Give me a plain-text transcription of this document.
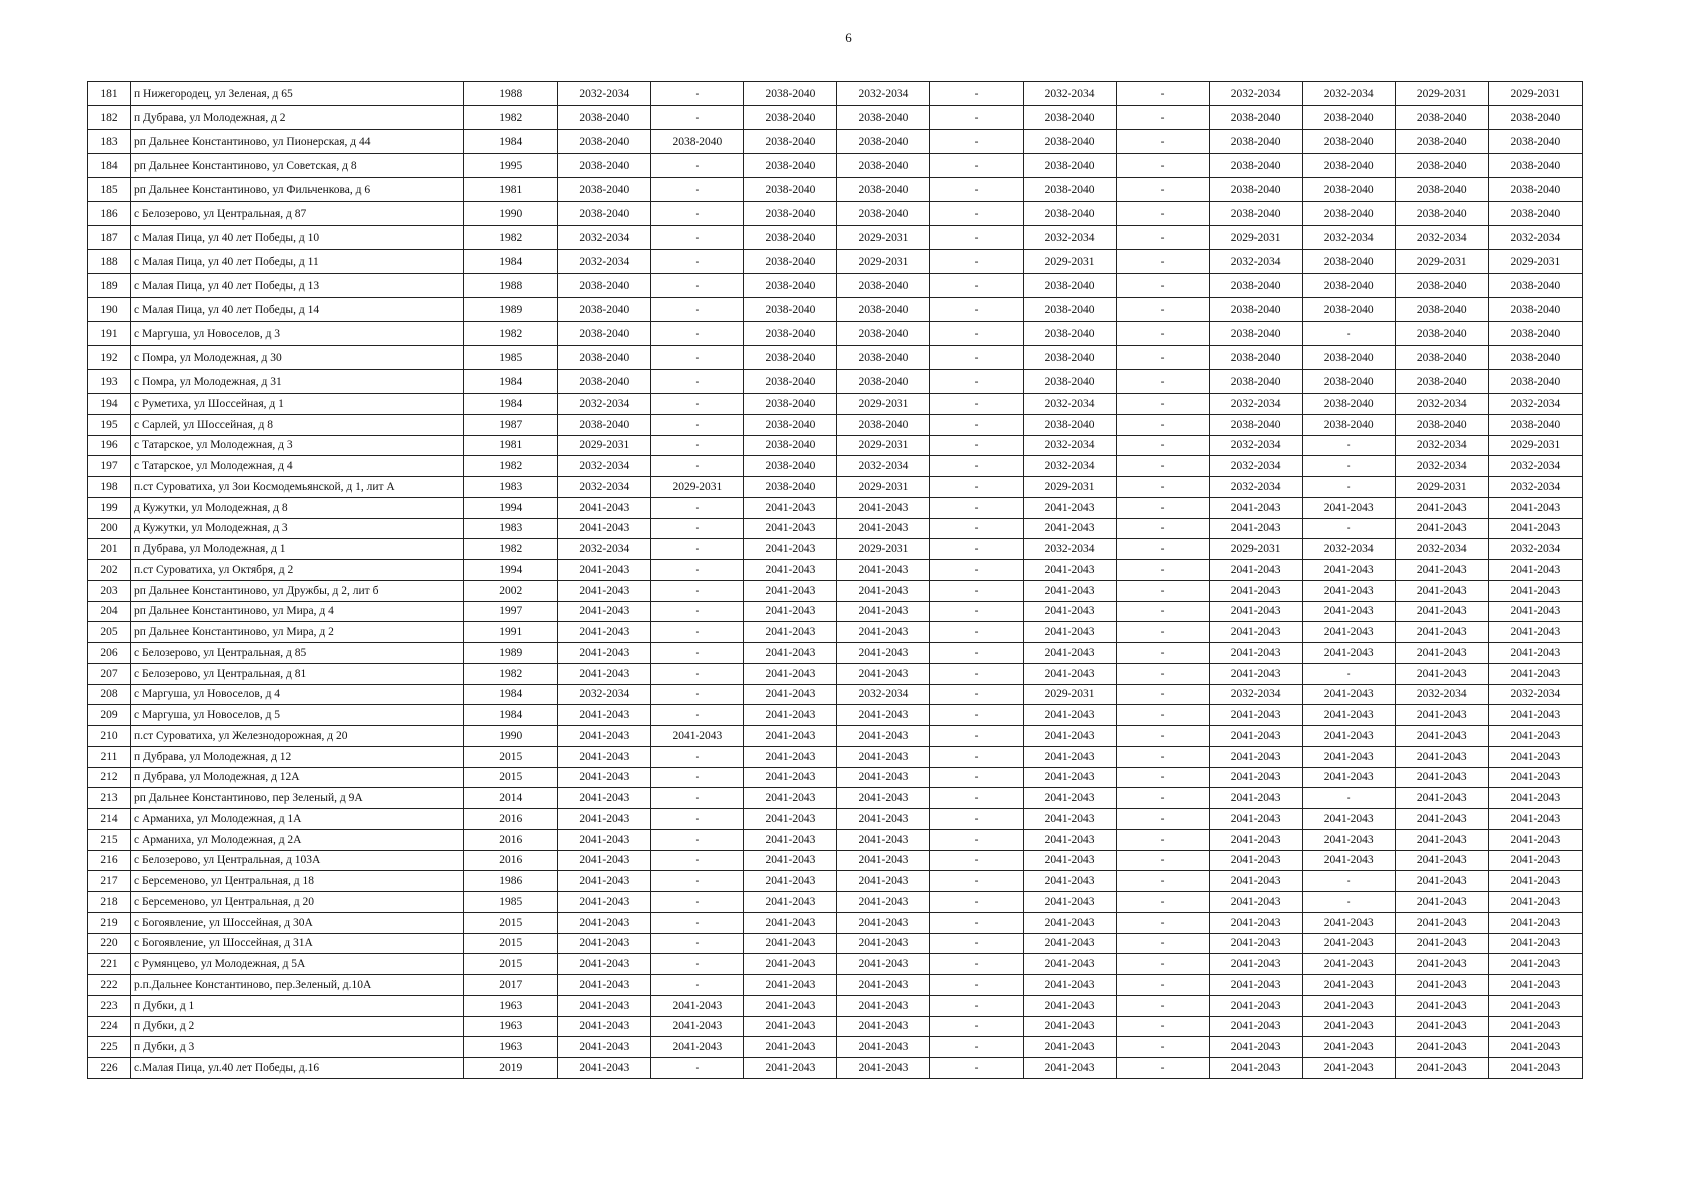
6
181	п Нижегородец, ул Зеленая, д 65	1988	2032-2034	-	2038-2040	2032-2034	-	2032-2034	-	2032-2034	2032-2034	2029-2031	2029-2031
182	п Дубрава, ул Молодежная, д 2	1982	2038-2040	-	2038-2040	2038-2040	-	2038-2040	-	2038-2040	2038-2040	2038-2040	2038-2040
183	рп Дальнее Константиново, ул Пионерская, д 44	1984	2038-2040	2038-2040	2038-2040	2038-2040	-	2038-2040	-	2038-2040	2038-2040	2038-2040	2038-2040
184	рп Дальнее Константиново, ул Советская, д 8	1995	2038-2040	-	2038-2040	2038-2040	-	2038-2040	-	2038-2040	2038-2040	2038-2040	2038-2040
185	рп Дальнее Константиново, ул Фильченкова, д 6	1981	2038-2040	-	2038-2040	2038-2040	-	2038-2040	-	2038-2040	2038-2040	2038-2040	2038-2040
186	с Белозерово, ул Центральная, д 87	1990	2038-2040	-	2038-2040	2038-2040	-	2038-2040	-	2038-2040	2038-2040	2038-2040	2038-2040
187	с Малая Пица, ул 40 лет Победы, д 10	1982	2032-2034	-	2038-2040	2029-2031	-	2032-2034	-	2029-2031	2032-2034	2032-2034	2032-2034
188	с Малая Пица, ул 40 лет Победы, д 11	1984	2032-2034	-	2038-2040	2029-2031	-	2029-2031	-	2032-2034	2038-2040	2029-2031	2029-2031
189	с Малая Пица, ул 40 лет Победы, д 13	1988	2038-2040	-	2038-2040	2038-2040	-	2038-2040	-	2038-2040	2038-2040	2038-2040	2038-2040
190	с Малая Пица, ул 40 лет Победы, д 14	1989	2038-2040	-	2038-2040	2038-2040	-	2038-2040	-	2038-2040	2038-2040	2038-2040	2038-2040
191	с Маргуша, ул Новоселов, д 3	1982	2038-2040	-	2038-2040	2038-2040	-	2038-2040	-	2038-2040	-	2038-2040	2038-2040
192	с Помра, ул Молодежная, д 30	1985	2038-2040	-	2038-2040	2038-2040	-	2038-2040	-	2038-2040	2038-2040	2038-2040	2038-2040
193	с Помра, ул Молодежная, д 31	1984	2038-2040	-	2038-2040	2038-2040	-	2038-2040	-	2038-2040	2038-2040	2038-2040	2038-2040
194	с Руметиха, ул Шоссейная, д 1	1984	2032-2034	-	2038-2040	2029-2031	-	2032-2034	-	2032-2034	2038-2040	2032-2034	2032-2034
195	с Сарлей, ул Шоссейная, д 8	1987	2038-2040	-	2038-2040	2038-2040	-	2038-2040	-	2038-2040	2038-2040	2038-2040	2038-2040
196	с Татарское, ул Молодежная, д 3	1981	2029-2031	-	2038-2040	2029-2031	-	2032-2034	-	2032-2034	-	2032-2034	2029-2031
197	с Татарское, ул Молодежная, д 4	1982	2032-2034	-	2038-2040	2032-2034	-	2032-2034	-	2032-2034	-	2032-2034	2032-2034
198	п.ст Суроватиха, ул Зои Космодемьянской, д 1, лит А	1983	2032-2034	2029-2031	2038-2040	2029-2031	-	2029-2031	-	2032-2034	-	2029-2031	2032-2034
199	д Кужутки, ул Молодежная, д 8	1994	2041-2043	-	2041-2043	2041-2043	-	2041-2043	-	2041-2043	2041-2043	2041-2043	2041-2043
200	д Кужутки, ул Молодежная, д 3	1983	2041-2043	-	2041-2043	2041-2043	-	2041-2043	-	2041-2043	-	2041-2043	2041-2043
201	п Дубрава, ул Молодежная, д 1	1982	2032-2034	-	2041-2043	2029-2031	-	2032-2034	-	2029-2031	2032-2034	2032-2034	2032-2034
202	п.ст Суроватиха, ул Октября, д 2	1994	2041-2043	-	2041-2043	2041-2043	-	2041-2043	-	2041-2043	2041-2043	2041-2043	2041-2043
203	рп Дальнее Константиново, ул Дружбы, д 2, лит б	2002	2041-2043	-	2041-2043	2041-2043	-	2041-2043	-	2041-2043	2041-2043	2041-2043	2041-2043
204	рп Дальнее Константиново, ул Мира, д 4	1997	2041-2043	-	2041-2043	2041-2043	-	2041-2043	-	2041-2043	2041-2043	2041-2043	2041-2043
205	рп Дальнее Константиново, ул Мира, д 2	1991	2041-2043	-	2041-2043	2041-2043	-	2041-2043	-	2041-2043	2041-2043	2041-2043	2041-2043
206	с Белозерово, ул Центральная, д 85	1989	2041-2043	-	2041-2043	2041-2043	-	2041-2043	-	2041-2043	2041-2043	2041-2043	2041-2043
207	с Белозерово, ул Центральная, д 81	1982	2041-2043	-	2041-2043	2041-2043	-	2041-2043	-	2041-2043	-	2041-2043	2041-2043
208	с Маргуша, ул Новоселов, д 4	1984	2032-2034	-	2041-2043	2032-2034	-	2029-2031	-	2032-2034	2041-2043	2032-2034	2032-2034
209	с Маргуша, ул Новоселов, д 5	1984	2041-2043	-	2041-2043	2041-2043	-	2041-2043	-	2041-2043	2041-2043	2041-2043	2041-2043
210	п.ст Суроватиха, ул Железнодорожная, д 20	1990	2041-2043	2041-2043	2041-2043	2041-2043	-	2041-2043	-	2041-2043	2041-2043	2041-2043	2041-2043
211	п Дубрава, ул Молодежная, д 12	2015	2041-2043	-	2041-2043	2041-2043	-	2041-2043	-	2041-2043	2041-2043	2041-2043	2041-2043
212	п Дубрава, ул Молодежная, д 12А	2015	2041-2043	-	2041-2043	2041-2043	-	2041-2043	-	2041-2043	2041-2043	2041-2043	2041-2043
213	рп Дальнее Константиново, пер Зеленый, д 9А	2014	2041-2043	-	2041-2043	2041-2043	-	2041-2043	-	2041-2043	-	2041-2043	2041-2043
214	с Арманиха, ул Молодежная, д 1А	2016	2041-2043	-	2041-2043	2041-2043	-	2041-2043	-	2041-2043	2041-2043	2041-2043	2041-2043
215	с Арманиха, ул Молодежная, д 2А	2016	2041-2043	-	2041-2043	2041-2043	-	2041-2043	-	2041-2043	2041-2043	2041-2043	2041-2043
216	с Белозерово, ул Центральная, д 103А	2016	2041-2043	-	2041-2043	2041-2043	-	2041-2043	-	2041-2043	2041-2043	2041-2043	2041-2043
217	с Берсеменово, ул Центральная, д 18	1986	2041-2043	-	2041-2043	2041-2043	-	2041-2043	-	2041-2043	-	2041-2043	2041-2043
218	с Берсеменово, ул Центральная, д 20	1985	2041-2043	-	2041-2043	2041-2043	-	2041-2043	-	2041-2043	-	2041-2043	2041-2043
219	с Богоявление, ул Шоссейная, д 30А	2015	2041-2043	-	2041-2043	2041-2043	-	2041-2043	-	2041-2043	2041-2043	2041-2043	2041-2043
220	с Богоявление, ул Шоссейная, д 31А	2015	2041-2043	-	2041-2043	2041-2043	-	2041-2043	-	2041-2043	2041-2043	2041-2043	2041-2043
221	с Румянцево, ул Молодежная, д 5А	2015	2041-2043	-	2041-2043	2041-2043	-	2041-2043	-	2041-2043	2041-2043	2041-2043	2041-2043
222	р.п.Дальнее Константиново, пер.Зеленый, д.10А	2017	2041-2043	-	2041-2043	2041-2043	-	2041-2043	-	2041-2043	2041-2043	2041-2043	2041-2043
223	п Дубки, д 1	1963	2041-2043	2041-2043	2041-2043	2041-2043	-	2041-2043	-	2041-2043	2041-2043	2041-2043	2041-2043
224	п Дубки, д 2	1963	2041-2043	2041-2043	2041-2043	2041-2043	-	2041-2043	-	2041-2043	2041-2043	2041-2043	2041-2043
225	п Дубки, д 3	1963	2041-2043	2041-2043	2041-2043	2041-2043	-	2041-2043	-	2041-2043	2041-2043	2041-2043	2041-2043
226	с.Малая Пица, ул.40 лет Победы, д.16	2019	2041-2043	-	2041-2043	2041-2043	-	2041-2043	-	2041-2043	2041-2043	2041-2043	2041-2043
